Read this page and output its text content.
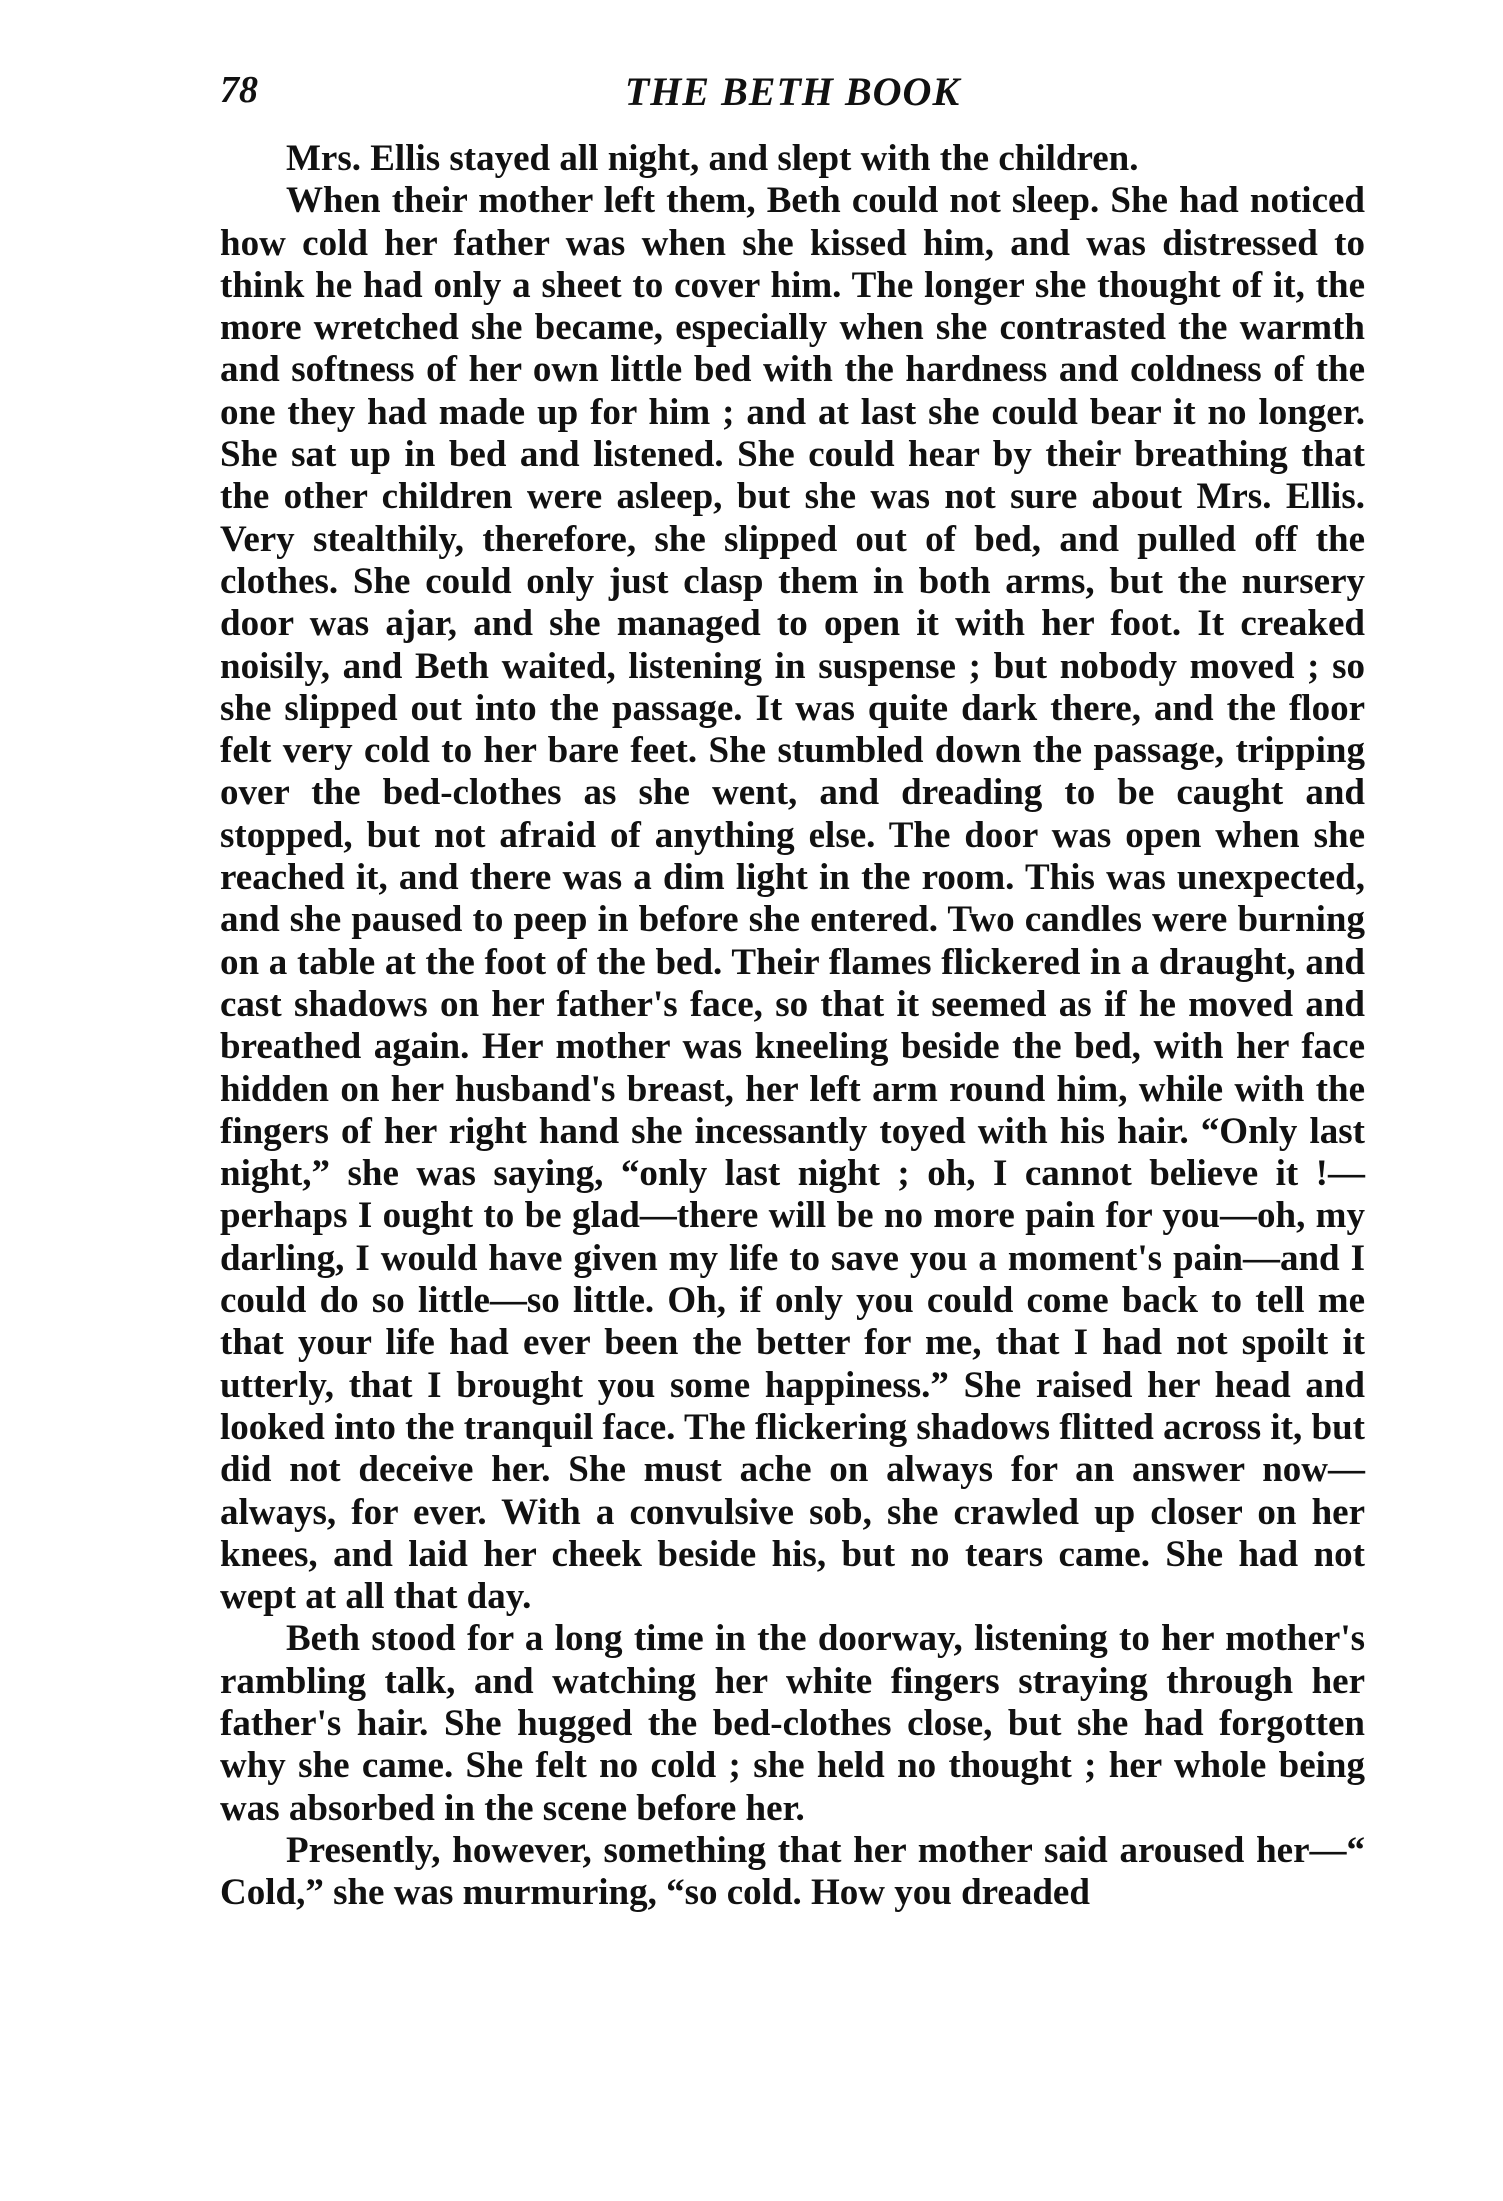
78	THE BETH BOOK

Mrs. Ellis stayed all night, and slept with the children.

When their mother left them, Beth could not sleep. She had noticed how cold her father was when she kissed him, and was distressed to think he had only a sheet to cover him. The longer she thought of it, the more wretched she became, especially when she contrasted the warmth and softness of her own little bed with the hardness and coldness of the one they had made up for him ; and at last she could bear it no longer. She sat up in bed and listened. She could hear by their breathing that the other children were asleep, but she was not sure about Mrs. Ellis. Very stealthily, therefore, she slipped out of bed, and pulled off the clothes. She could only just clasp them in both arms, but the nursery door was ajar, and she managed to open it with her foot. It creaked noisily, and Beth waited, listening in suspense ; but nobody moved ; so she slipped out into the passage. It was quite dark there, and the floor felt very cold to her bare feet. She stumbled down the passage, tripping over the bed-clothes as she went, and dreading to be caught and stopped, but not afraid of anything else. The door was open when she reached it, and there was a dim light in the room. This was unexpected, and she paused to peep in before she entered. Two candles were burning on a table at the foot of the bed. Their flames flickered in a draught, and cast shadows on her father's face, so that it seemed as if he moved and breathed again. Her mother was kneeling beside the bed, with her face hidden on her husband's breast, her left arm round him, while with the fingers of her right hand she incessantly toyed with his hair. “Only last night,” she was saying, “only last night ; oh, I cannot believe it !—perhaps I ought to be glad—there will be no more pain for you—oh, my darling, I would have given my life to save you a moment's pain—and I could do so little—so little. Oh, if only you could come back to tell me that your life had ever been the better for me, that I had not spoilt it utterly, that I brought you some happiness.” She raised her head and looked into the tranquil face. The flickering shadows flitted across it, but did not deceive her. She must ache on always for an answer now—always, for ever. With a convulsive sob, she crawled up closer on her knees, and laid her cheek beside his, but no tears came. She had not wept at all that day.

Beth stood for a long time in the doorway, listening to her mother's rambling talk, and watching her white fingers straying through her father's hair. She hugged the bed-clothes close, but she had forgotten why she came. She felt no cold ; she held no thought ; her whole being was absorbed in the scene before her.

Presently, however, something that her mother said aroused her—“ Cold,” she was murmuring, “so cold. How you dreaded
